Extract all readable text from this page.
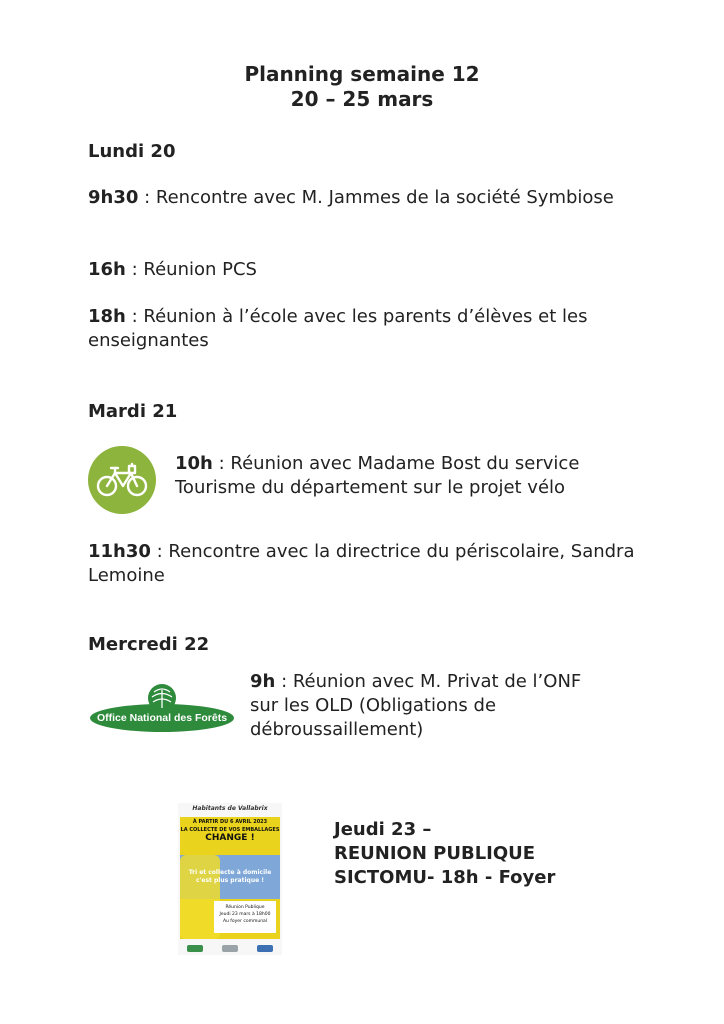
Planning semaine 12
20 – 25 mars
Lundi 20
9h30 : Rencontre avec M. Jammes de la société Symbiose
16h : Réunion PCS
18h : Réunion à l’école avec les parents d’élèves et les enseignantes
Mardi 21
10h : Réunion avec Madame Bost du service Tourisme du département sur le projet vélo
11h30 : Rencontre avec la directrice du périscolaire, Sandra Lemoine
Mercredi 22
Office National des Forêts
9h : Réunion avec M. Privat de l’ONF sur les OLD (Obligations de débroussaillement)
Habitants de Vallabrix
À PARTIR DU 6 AVRIL 2023
LA COLLECTE DE VOS EMBALLAGES
CHANGE !
Tri et collecte à domicile
c'est plus pratique !
Réunion Publique
Jeudi 23 mars à 18h00
Au foyer communal
Jeudi 23 –
REUNION PUBLIQUE
SICTOMU- 18h - Foyer
